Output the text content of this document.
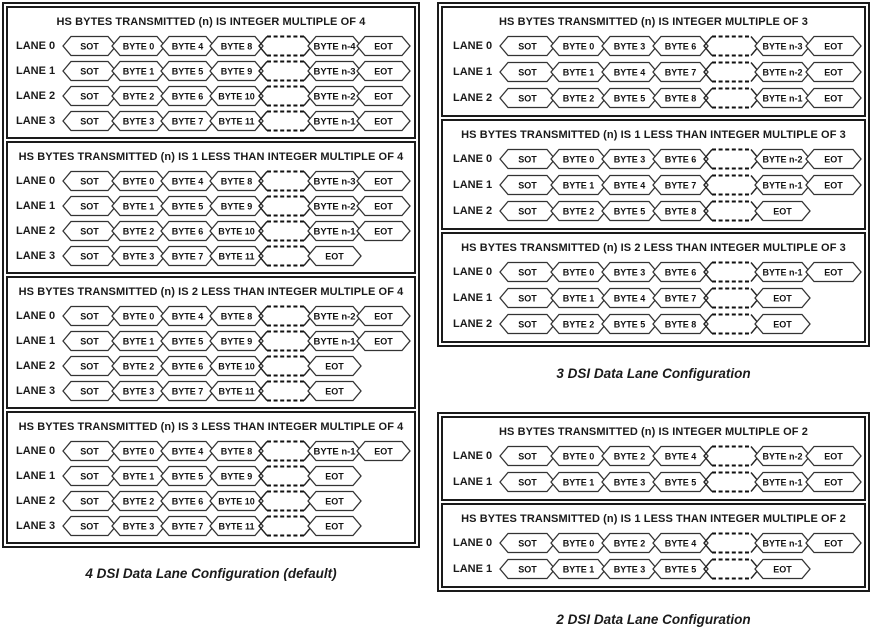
HS BYTES TRANSMITTED (n) IS INTEGER MULTIPLE OF 4
LANE 0	SOT	BYTE 0 BYTE 4 BYTE 8	BYTE n-4 EOT
LANE 1	SOT	BYTE 1 BYTE 5 BYTE 9	BYTE n-3 EOT
LANE 2	SOT	BYTE 2 BYTE 6 BYTE 10	BYTE n-2 EOT
LANE 3	SOT	BYTE 3 BYTE 7 BYTE 11	BYTE n-1 EOT
HS BYTES TRANSMITTED (n) IS 1 LESS THAN INTEGER MULTIPLE OF 4
LANE 0	SOT	BYTE 0 BYTE 4 BYTE 8	BYTE n-3 EOT
LANE 1	SOT	BYTE 1 BYTE 5 BYTE 9	BYTE n-2 EOT
LANE 2	SOT	BYTE 2 BYTE 6 BYTE 10	BYTE n-1 EOT
LANE 3	SOT	BYTE 3 BYTE 7 BYTE 11	EOT
HS BYTES TRANSMITTED (n) IS 2 LESS THAN INTEGER MULTIPLE OF 4
LANE 0	SOT	BYTE 0 BYTE 4 BYTE 8	BYTE n-2 EOT
LANE 1	SOT	BYTE 1 BYTE 5 BYTE 9	BYTE n-1 EOT
LANE 2	SOT	BYTE 2 BYTE 6 BYTE 10	EOT
LANE 3	SOT	BYTE 3 BYTE 7 BYTE 11	EOT
HS BYTES TRANSMITTED (n) IS 3 LESS THAN INTEGER MULTIPLE OF 4
LANE 0	SOT	BYTE 0 BYTE 4 BYTE 8	BYTE n-1 EOT
LANE 1	SOT	BYTE 1 BYTE 5 BYTE 9	EOT
LANE 2	SOT	BYTE 2 BYTE 6 BYTE 10	EOT
LANE 3	SOT	BYTE 3 BYTE 7 BYTE 11	EOT
4 DSI Data Lane Configuration (default)
HS BYTES TRANSMITTED (n) IS INTEGER MULTIPLE OF 3
LANE 0	SOT	BYTE 0 BYTE 3 BYTE 6	BYTE n-3 EOT
LANE 1	SOT	BYTE 1 BYTE 4 BYTE 7	BYTE n-2 EOT
LANE 2	SOT	BYTE 2 BYTE 5 BYTE 8	BYTE n-1 EOT
HS BYTES TRANSMITTED (n) IS 1 LESS THAN INTEGER MULTIPLE OF 3
LANE 0	SOT	BYTE 0 BYTE 3 BYTE 6	BYTE n-2 EOT
LANE 1	SOT	BYTE 1 BYTE 4 BYTE 7	BYTE n-1 EOT
LANE 2	SOT	BYTE 2 BYTE 5 BYTE 8	EOT
HS BYTES TRANSMITTED (n) IS 2 LESS THAN INTEGER MULTIPLE OF 3
LANE 0	SOT	BYTE 0 BYTE 3 BYTE 6	BYTE n-1 EOT
LANE 1	SOT	BYTE 1 BYTE 4 BYTE 7	EOT
LANE 2	SOT	BYTE 2 BYTE 5 BYTE 8	EOT
3 DSI Data Lane Configuration
HS BYTES TRANSMITTED (n) IS INTEGER MULTIPLE OF 2
LANE 0	SOT	BYTE 0 BYTE 2 BYTE 4	BYTE n-2 EOT
LANE 1	SOT	BYTE 1 BYTE 3 BYTE 5	BYTE n-1 EOT
HS BYTES TRANSMITTED (n) IS 1 LESS THAN INTEGER MULTIPLE OF 2
LANE 0	SOT	BYTE 0 BYTE 2 BYTE 4	BYTE n-1 EOT
LANE 1	SOT	BYTE 1 BYTE 3 BYTE 5	EOT
2 DSI Data Lane Configuration
